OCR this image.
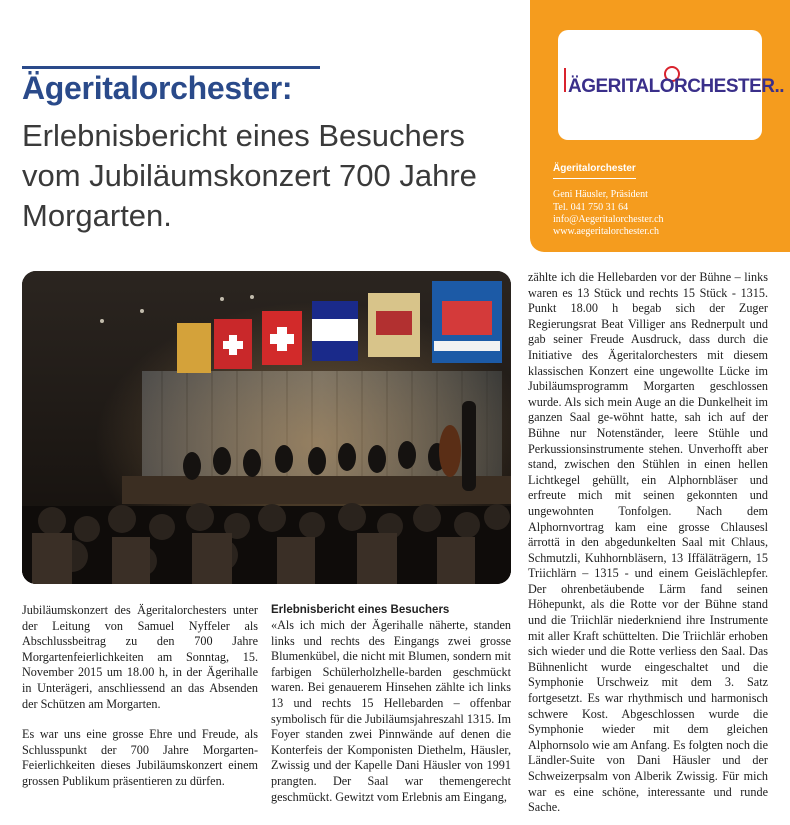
Ägeritalorchester:
Erlebnisbericht eines Besuchers
vom Jubiläumskonzert 700 Jahre
Morgarten.
ÄGERITALORCHESTER..
Ägeritalorchester
Geni Häusler, Präsident
Tel. 041 750 31 64
info@Aegeritalorchester.ch
www.aegeritalorchester.ch

Jubiläumskonzert des Ägeritalorchesters unter der Leitung von Samuel Nyffeler als Abschlussbeitrag zu den 700 Jahre Morgartenfeierlichkeiten am Sonntag, 15. November 2015 um 18.00 h, in der Ägerihalle in Unterägeri, anschliessend an das Absenden der Schützen am Morgarten.

Es war uns eine grosse Ehre und Freude, als Schlusspunkt der 700 Jahre Morgarten-Feierlichkeiten dieses Jubiläumskonzert einem grossen Publikum präsentieren zu dürfen.

Erlebnisbericht eines Besuchers

«Als ich mich der Ägerihalle näherte, standen links und rechts des Eingangs zwei grosse Blumenkübel, die nicht mit Blumen, sondern mit farbigen Schülerholzhelle-barden geschmückt waren. Bei genauerem Hinsehen zählte ich links 13 und rechts 15 Hellebarden – offenbar symbolisch für die Jubiläumsjahreszahl 1315. Im Foyer standen zwei Pinnwände auf denen die Konterfeis der Komponisten Diethelm, Häusler, Zwissig und der Kapelle Dani Häusler von 1991 prangten. Der Saal war themengerecht geschmückt. Gewitzt vom Erlebnis am Eingang,

zählte ich die Hellebarden vor der Bühne – links waren es 13 Stück und rechts 15 Stück - 1315. Punkt 18.00 h begab sich der Zuger Regierungsrat Beat Villiger ans Rednerpult und gab seiner Freude Ausdruck, dass durch die Initiative des Ägeritalorchesters mit diesem klassischen Konzert eine ungewollte Lücke im Jubiläumsprogramm Morgarten geschlossen wurde. Als sich mein Auge an die Dunkelheit im ganzen Saal ge-wöhnt hatte, sah ich auf der Bühne nur Notenständer, leere Stühle und Perkussionsinstrumente stehen. Unverhofft aber stand, zwischen den Stühlen in einen hellen Lichtkegel gehüllt, ein Alphornbläser und erfreute mich mit seinen gekonnten und ungewohnten Tonfolgen. Nach dem Alphornvortrag kam eine grosse Chlausesl ärrottä in den abgedunkelten Saal mit Chlaus, Schmutzli, Kuhhornbläsern, 13 Iffäläträgern, 15 Triichlärn – 1315 - und einem Geislächlepfer. Der ohrenbetäubende Lärm fand seinen Höhepunkt, als die Rotte vor der Bühne stand und die Triichlär niederkniend ihre Instrumente mit aller Kraft schüttelten. Die Triichlär erhoben sich wieder und die Rotte verliess den Saal. Das Bühnenlicht wurde eingeschaltet und die Symphonie Urschweiz mit dem 3. Satz fortgesetzt. Es war rhythmisch und harmonisch schwere Kost. Abgeschlossen wurde die Symphonie wieder mit dem gleichen Alphornsolo wie am Anfang. Es folgten noch die Ländler-Suite von Dani Häusler und der Schweizerpsalm von Alberik Zwissig. Für mich war es eine schöne, interessante und runde Sache.
